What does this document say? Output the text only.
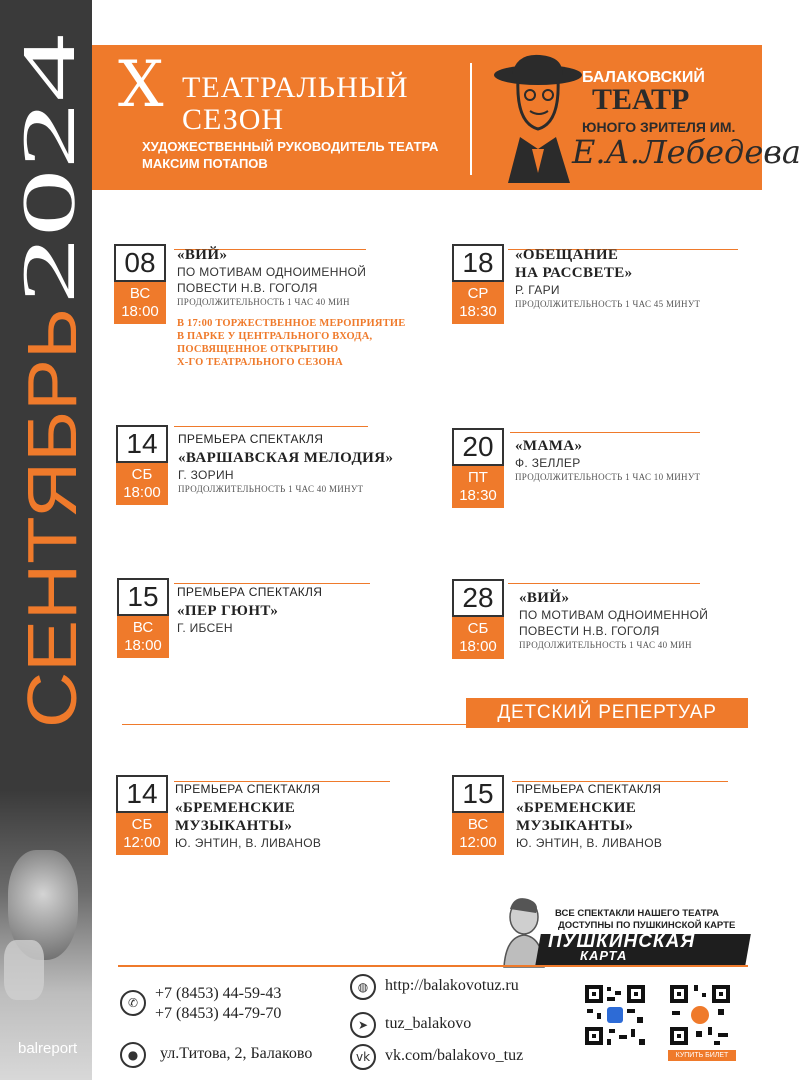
2024
СЕНТЯБРЬ
balreport
X ТЕАТРАЛЬНЫЙ
СЕЗОН
ХУДОЖЕСТВЕННЫЙ РУКОВОДИТЕЛЬ ТЕАТРА
МАКСИМ ПОТАПОВ
БАЛАКОВСКИЙ
ТЕАТР
ЮНОГО ЗРИТЕЛЯ ИМ.
Е.А.Лебедева
08
ВС
18:00
«ВИЙ»
ПО МОТИВАМ ОДНОИМЕННОЙ
ПОВЕСТИ Н.В. ГОГОЛЯ
ПРОДОЛЖИТЕЛЬНОСТЬ 1 ЧАС 40 МИН
В 17:00 ТОРЖЕСТВЕННОЕ МЕРОПРИЯТИЕ
В ПАРКЕ У ЦЕНТРАЛЬНОГО ВХОДА,
ПОСВЯЩЕННОЕ ОТКРЫТИЮ
Х-ГО ТЕАТРАЛЬНОГО СЕЗОНА
18
СР
18:30
«ОБЕЩАНИЕ
НА РАССВЕТЕ»
Р. ГАРИ
ПРОДОЛЖИТЕЛЬНОСТЬ 1 ЧАС 45 МИНУТ
14
СБ
18:00
ПРЕМЬЕРА СПЕКТАКЛЯ
«ВАРШАВСКАЯ МЕЛОДИЯ»
Г. ЗОРИН
ПРОДОЛЖИТЕЛЬНОСТЬ 1 ЧАС 40 МИНУТ
20
ПТ
18:30
«МАМА»
Ф. ЗЕЛЛЕР
ПРОДОЛЖИТЕЛЬНОСТЬ 1 ЧАС 10 МИНУТ
15
ВС
18:00
ПРЕМЬЕРА СПЕКТАКЛЯ
«ПЕР ГЮНТ»
Г. ИБСЕН
28
СБ
18:00
«ВИЙ»
ПО МОТИВАМ ОДНОИМЕННОЙ
ПОВЕСТИ Н.В. ГОГОЛЯ
ПРОДОЛЖИТЕЛЬНОСТЬ 1 ЧАС 40 МИН
14
СБ
12:00
ПРЕМЬЕРА СПЕКТАКЛЯ
«БРЕМЕНСКИЕ
МУЗЫКАНТЫ»
Ю. ЭНТИН, В. ЛИВАНОВ
15
ВС
12:00
ПРЕМЬЕРА СПЕКТАКЛЯ
«БРЕМЕНСКИЕ
МУЗЫКАНТЫ»
Ю. ЭНТИН, В. ЛИВАНОВ
ДЕТСКИЙ РЕПЕРТУАР
ВСЕ СПЕКТАКЛИ НАШЕГО ТЕАТРА
ДОСТУПНЫ ПО ПУШКИНСКОЙ КАРТЕ
ПУШКИНСКАЯ
КАРТА
✆
+7 (8453) 44-59-43
+7 (8453) 44-79-70
●	ул.Титова, 2, Балаково
◍	http://balakovotuz.ru
➤	tuz_balakovo
vk vk.com/balakovo_tuz	КУПИТЬ БИЛЕТ
